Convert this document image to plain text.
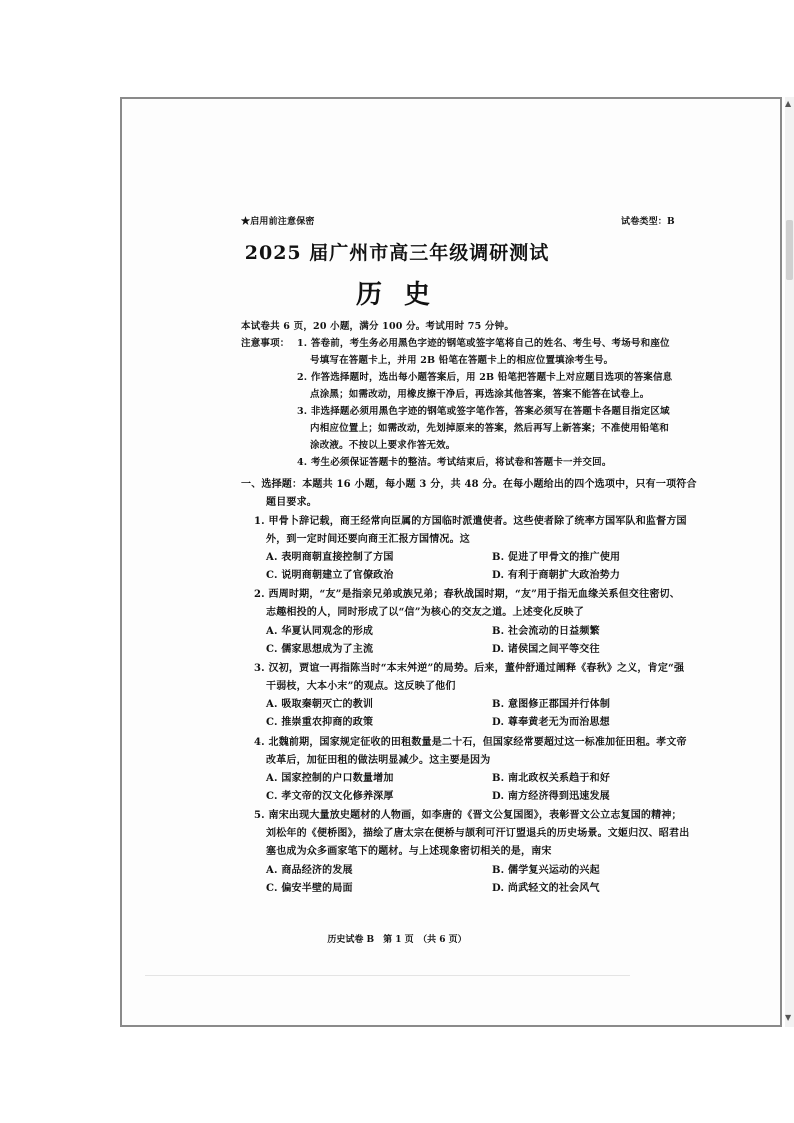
▲
▼
★启用前注意保密	试卷类型：B
2025 届广州市高三年级调研测试
历史
本试卷共 6 页，20 小题，满分 100 分。考试用时 75 分钟。
注意事项： 1. 答卷前，考生务必用黑色字迹的钢笔或签字笔将自己的姓名、考生号、考场号和座位
号填写在答题卡上，并用 2B 铅笔在答题卡上的相应位置填涂考生号。
2. 作答选择题时，选出每小题答案后，用 2B 铅笔把答题卡上对应题目选项的答案信息
点涂黑；如需改动，用橡皮擦干净后，再选涂其他答案，答案不能答在试卷上。
3. 非选择题必须用黑色字迹的钢笔或签字笔作答，答案必须写在答题卡各题目指定区域
内相应位置上；如需改动，先划掉原来的答案，然后再写上新答案；不准使用铅笔和
涂改液。不按以上要求作答无效。
4. 考生必须保证答题卡的整洁。考试结束后，将试卷和答题卡一并交回。
一、选择题：本题共 16 小题，每小题 3 分，共 48 分。在每小题给出的四个选项中，只有一项符合
题目要求。
1. 甲骨卜辞记载，商王经常向臣属的方国临时派遣使者。这些使者除了统率方国军队和监督方国
外，到一定时间还要向商王汇报方国情况。这
A. 表明商朝直接控制了方国	B. 促进了甲骨文的推广使用
C. 说明商朝建立了官僚政治	D. 有利于商朝扩大政治势力
2. 西周时期，“友”是指亲兄弟或族兄弟；春秋战国时期，“友”用于指无血缘关系但交往密切、
志趣相投的人，同时形成了以“信”为核心的交友之道。上述变化反映了
A. 华夏认同观念的形成	B. 社会流动的日益频繁
C. 儒家思想成为了主流	D. 诸侯国之间平等交往
3. 汉初，贾谊一再指陈当时“本末舛逆”的局势。后来，董仲舒通过阐释《春秋》之义，肯定“强
干弱枝，大本小末”的观点。这反映了他们
A. 吸取秦朝灭亡的教训	B. 意图修正郡国并行体制
C. 推崇重农抑商的政策	D. 尊奉黄老无为而治思想
4. 北魏前期，国家规定征收的田租数量是二十石，但国家经常要超过这一标准加征田租。孝文帝
改革后，加征田租的做法明显减少。这主要是因为
A. 国家控制的户口数量增加	B. 南北政权关系趋于和好
C. 孝文帝的汉文化修养深厚	D. 南方经济得到迅速发展
5. 南宋出现大量放史题材的人物画，如李唐的《晋文公复国图》，表彰晋文公立志复国的精神；
刘松年的《便桥图》，描绘了唐太宗在便桥与颉利可汗订盟退兵的历史场景。文姬归汉、昭君出
塞也成为众多画家笔下的题材。与上述现象密切相关的是，南宋
A. 商品经济的发展	B. 儒学复兴运动的兴起
C. 偏安半壁的局面	D. 尚武轻文的社会风气
历史试卷 B　第 1 页　（共 6 页）
